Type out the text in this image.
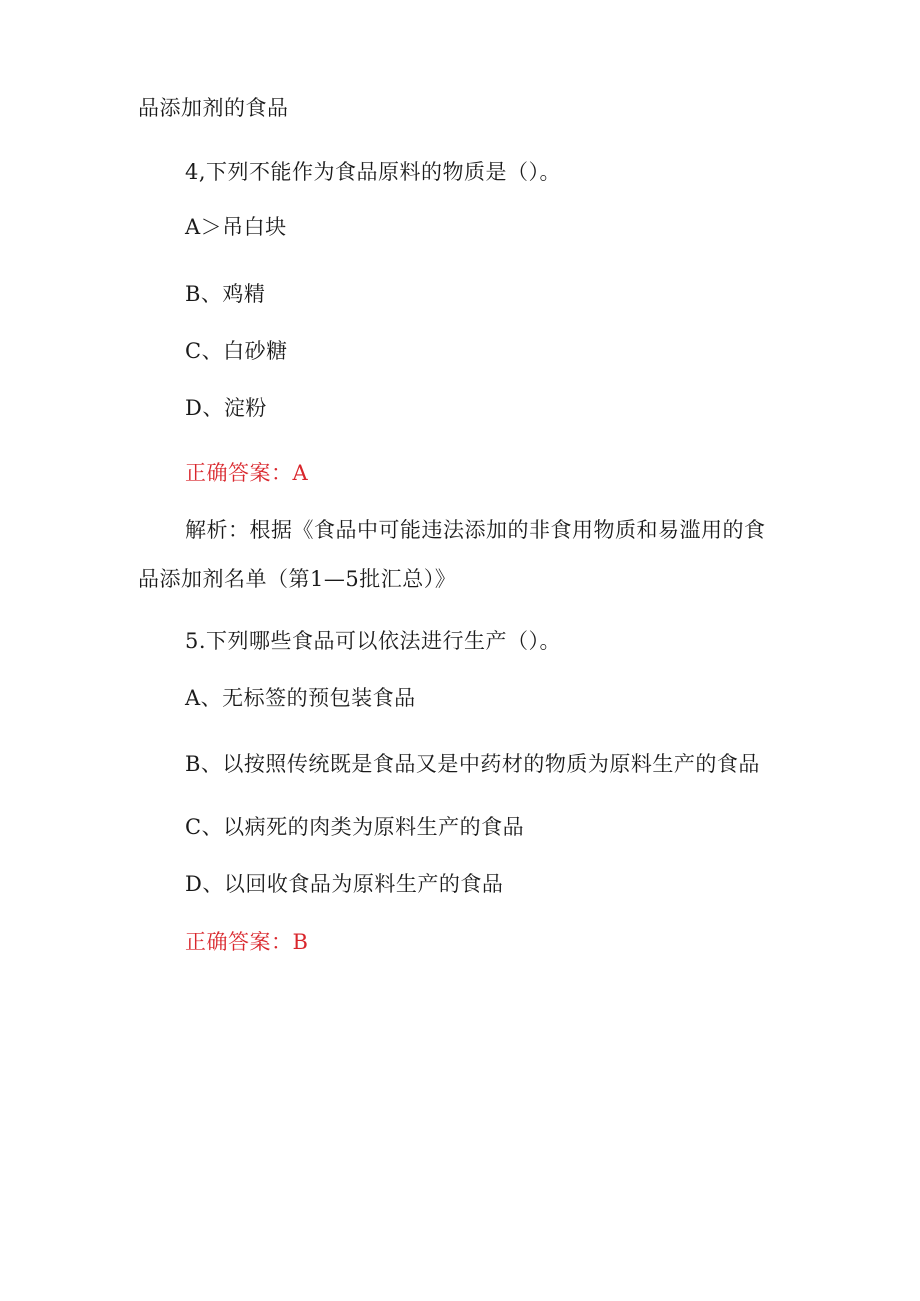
品添加剂的食品
4,下列不能作为食品原料的物质是（）。
A＞吊白块
B、鸡精
C、白砂糖
D、淀粉
正确答案：A
解析：根据《食品中可能违法添加的非食用物质和易滥用的食
品添加剂名单（第1—5批汇总）》
5.下列哪些食品可以依法进行生产（）。
A、无标签的预包装食品
B、以按照传统既是食品又是中药材的物质为原料生产的食品
C、以病死的肉类为原料生产的食品
D、以回收食品为原料生产的食品
正确答案：B
